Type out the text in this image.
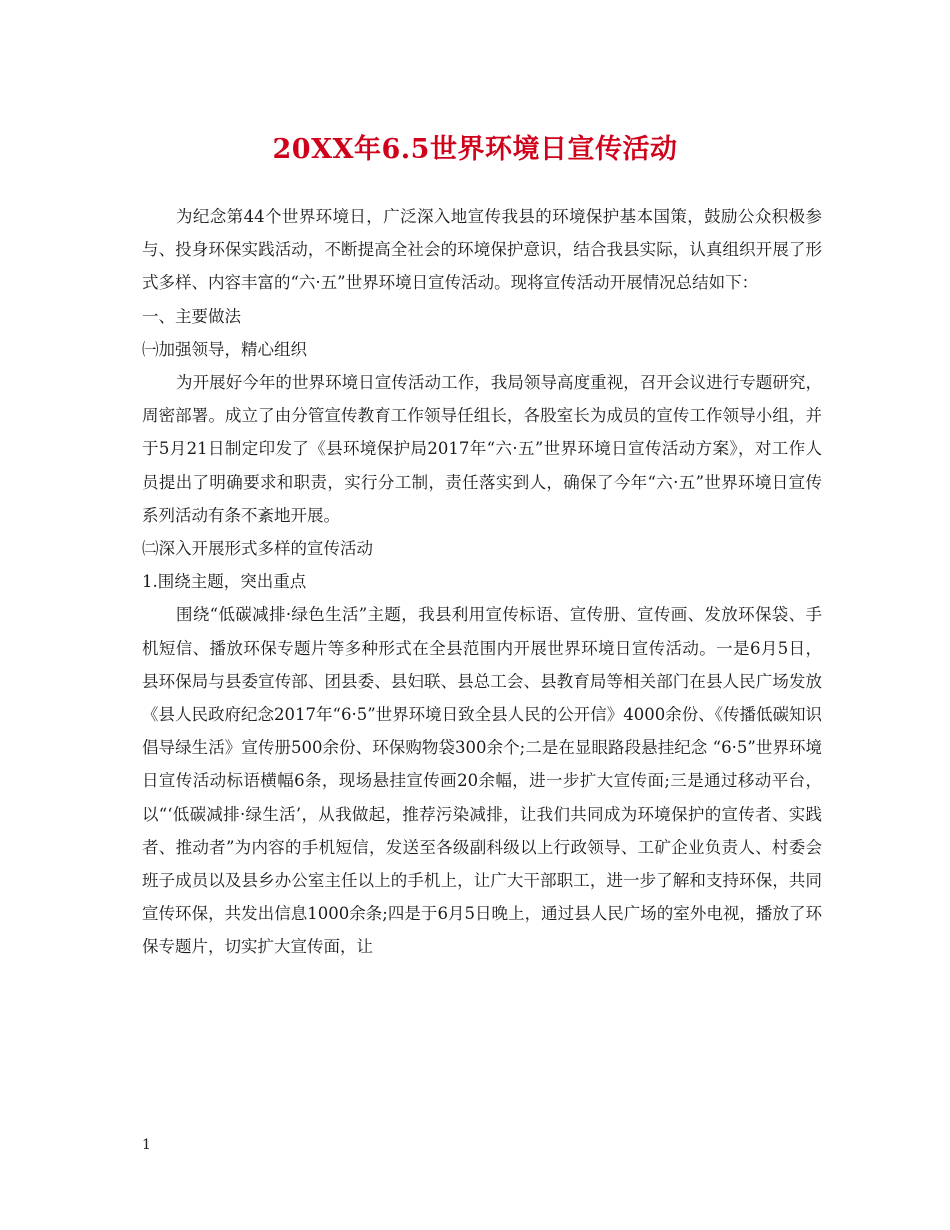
20XX年6.5世界环境日宣传活动

为纪念第44个世界环境日，广泛深入地宣传我县的环境保护基本国策，鼓励公众积极参与、投身环保实践活动，不断提高全社会的环境保护意识，结合我县实际，认真组织开展了形式多样、内容丰富的“六·五”世界环境日宣传活动。现将宣传活动开展情况总结如下：

一、主要做法

㈠加强领导，精心组织

为开展好今年的世界环境日宣传活动工作，我局领导高度重视，召开会议进行专题研究，周密部署。成立了由分管宣传教育工作领导任组长，各股室长为成员的宣传工作领导小组，并于5月21日制定印发了《县环境保护局2017年“六·五”世界环境日宣传活动方案》，对工作人员提出了明确要求和职责，实行分工制，责任落实到人，确保了今年“六·五”世界环境日宣传系列活动有条不紊地开展。

㈡深入开展形式多样的宣传活动

1.围绕主题，突出重点

围绕“低碳减排·绿色生活”主题，我县利用宣传标语、宣传册、宣传画、发放环保袋、手机短信、播放环保专题片等多种形式在全县范围内开展世界环境日宣传活动。一是6月5日，县环保局与县委宣传部、团县委、县妇联、县总工会、县教育局等相关部门在县人民广场发放《县人民政府纪念2017年“6·5”世界环境日致全县人民的公开信》4000余份、《传播低碳知识 倡导绿生活》宣传册500余份、环保购物袋300余个;二是在显眼路段悬挂纪念 “6·5”世界环境日宣传活动标语横幅6条，现场悬挂宣传画20余幅，进一步扩大宣传面;三是通过移动平台，以“‘低碳减排·绿生活’，从我做起，推荐污染减排，让我们共同成为环境保护的宣传者、实践者、推动者”为内容的手机短信，发送至各级副科级以上行政领导、工矿企业负责人、村委会班子成员以及县乡办公室主任以上的手机上，让广大干部职工，进一步了解和支持环保，共同宣传环保，共发出信息1000余条;四是于6月5日晚上，通过县人民广场的室外电视，播放了环保专题片，切实扩大宣传面，让

1
